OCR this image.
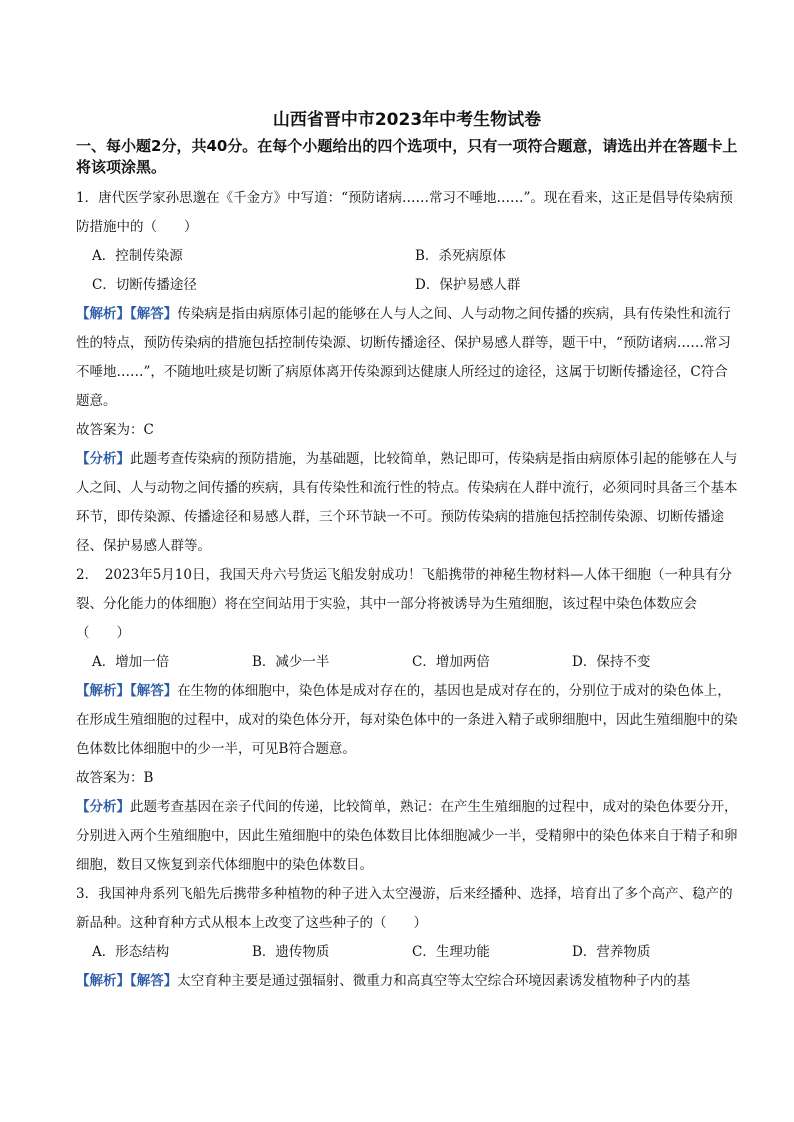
山西省晋中市2023年中考生物试卷
一、每小题2分，共40分。在每个小题给出的四个选项中，只有一项符合题意，请选出并在答题卡上将该项涂黑。

1．唐代医学家孙思邈在《千金方》中写道：“预防诸病……常习不唾地……”。现在看来，这正是倡导传染病预防措施中的（　　）

A．控制传染源	B．杀死病原体
C．切断传播途径	D．保护易感人群

【解析】【解答】传染病是指由病原体引起的能够在人与人之间、人与动物之间传播的疾病，具有传染性和流行性的特点，预防传染病的措施包括控制传染源、切断传播途径、保护易感人群等，题干中，“预防诸病……常习不唾地……”，不随地吐痰是切断了病原体离开传染源到达健康人所经过的途径，这属于切断传播途径，C符合题意。

故答案为：C

【分析】此题考查传染病的预防措施，为基础题，比较简单，熟记即可，传染病是指由病原体引起的能够在人与人之间、人与动物之间传播的疾病，具有传染性和流行性的特点。传染病在人群中流行，必须同时具备三个基本环节，即传染源、传播途径和易感人群，三个环节缺一不可。预防传染病的措施包括控制传染源、切断传播途径、保护易感人群等。

2．　2023年5月10日，我国天舟六号货运飞船发射成功！飞船携带的神秘生物材料—人体干细胞（一种具有分裂、分化能力的体细胞）将在空间站用于实验，其中一部分将被诱导为生殖细胞，该过程中染色体数应会（　　）

A．增加一倍	B．减少一半	C．增加两倍	D．保持不变

【解析】【解答】在生物的体细胞中，染色体是成对存在的，基因也是成对存在的，分别位于成对的染色体上，在形成生殖细胞的过程中，成对的染色体分开，每对染色体中的一条进入精子或卵细胞中，因此生殖细胞中的染色体数比体细胞中的少一半，可见B符合题意。

故答案为：B

【分析】此题考查基因在亲子代间的传递，比较简单，熟记：在产生生殖细胞的过程中，成对的染色体要分开，分别进入两个生殖细胞中，因此生殖细胞中的染色体数目比体细胞减少一半，受精卵中的染色体来自于精子和卵细胞，数目又恢复到亲代体细胞中的染色体数目。

3．我国神舟系列飞船先后携带多种植物的种子进入太空漫游，后来经播种、选择，培育出了多个高产、稳产的新品种。这种育种方式从根本上改变了这些种子的（　　）

A．形态结构	B．遗传物质	C．生理功能	D．营养物质

【解析】【解答】太空育种主要是通过强辐射、微重力和高真空等太空综合环境因素诱发植物种子内的基
